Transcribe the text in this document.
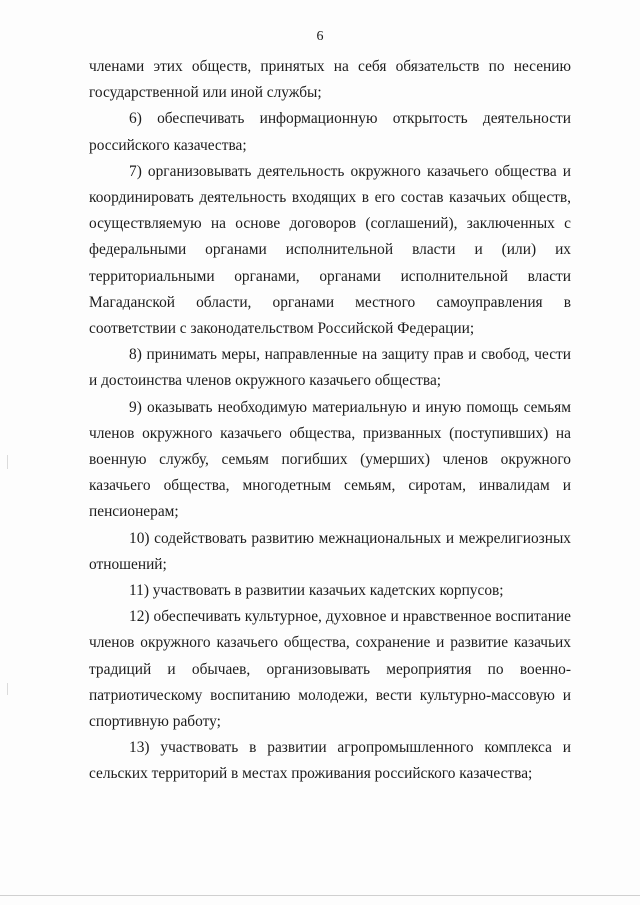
6

членами этих обществ, принятых на себя обязательств по несению государственной или иной службы;

6) обеспечивать информационную открытость деятельности российского казачества;

7) организовывать деятельность окружного казачьего общества и координировать деятельность входящих в его состав казачьих обществ, осуществляемую на основе договоров (соглашений), заключенных с федеральными органами исполнительной власти и (или) их территориальными органами, органами исполнительной власти Магаданской области, органами местного самоуправления в соответствии с законодательством Российской Федерации;

8) принимать меры, направленные на защиту прав и свобод, чести и достоинства членов окружного казачьего общества;

9) оказывать необходимую материальную и иную помощь семьям членов окружного казачьего общества, призванных (поступивших) на военную службу, семьям погибших (умерших) членов окружного казачьего общества, многодетным семьям, сиротам, инвалидам и пенсионерам;

10) содействовать развитию межнациональных и межрелигиозных отношений;

11) участвовать в развитии казачьих кадетских корпусов;

12) обеспечивать культурное, духовное и нравственное воспитание членов окружного казачьего общества, сохранение и развитие казачьих традиций и обычаев, организовывать мероприятия по военно-патриотическому воспитанию молодежи, вести культурно-массовую и спортивную работу;

13) участвовать в развитии агропромышленного комплекса и сельских территорий в местах проживания российского казачества;
